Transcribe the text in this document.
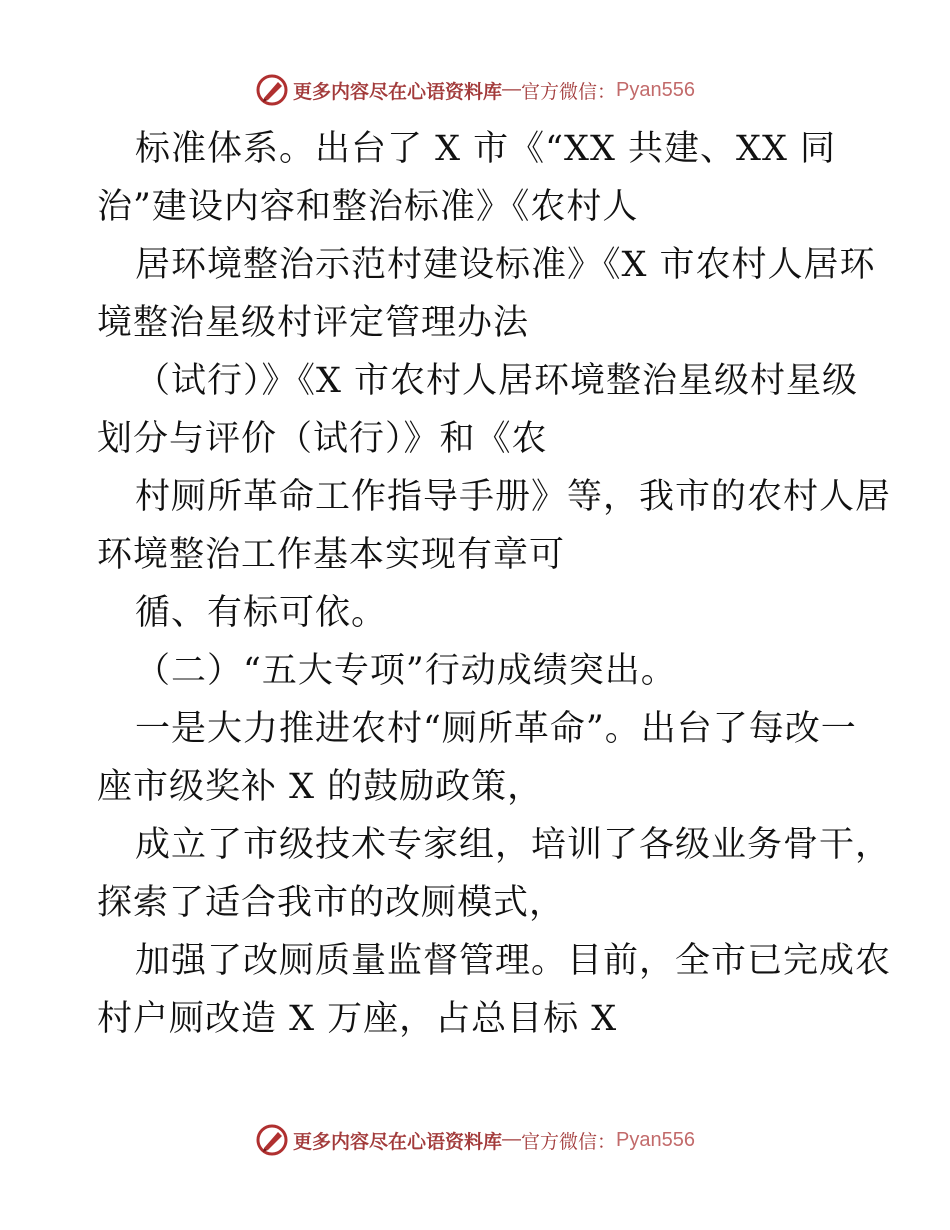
更多内容尽在心语资料库 — 官方微信： Pyan556
标准体系。出台了 X 市《“XX 共建、XX 同
治”建设内容和整治标准》《农村人
居环境整治示范村建设标准》《X 市农村人居环
境整治星级村评定管理办法
（试行）》《X 市农村人居环境整治星级村星级
划分与评价（试行）》和《农
村厕所革命工作指导手册》等，我市的农村人居
环境整治工作基本实现有章可
循、有标可依。
（二）“五大专项”行动成绩突出。
一是大力推进农村“厕所革命”。出台了每改一
座市级奖补 X 的鼓励政策，
成立了市级技术专家组，培训了各级业务骨干，
探索了适合我市的改厕模式，
加强了改厕质量监督管理。目前，全市已完成农
村户厕改造 X 万座，占总目标 X
更多内容尽在心语资料库 — 官方微信： Pyan556
